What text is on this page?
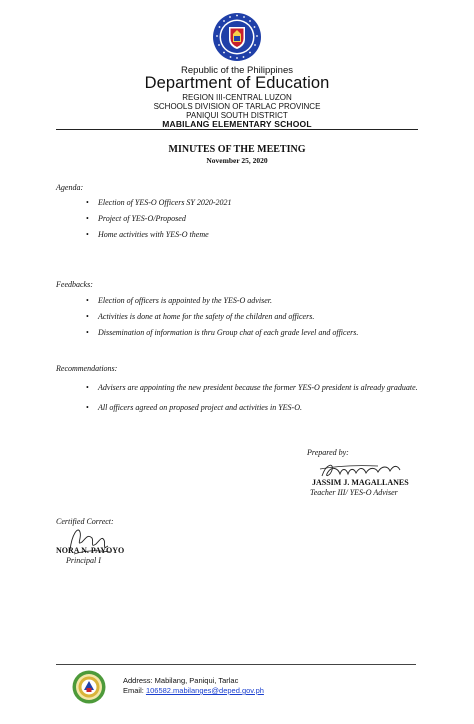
Republic of the Philippines
Department of Education
REGION III-CENTRAL LUZON
SCHOOLS DIVISION OF TARLAC PROVINCE
PANIQUI SOUTH DISTRICT
MABILANG ELEMENTARY SCHOOL
MINUTES OF THE MEETING
November 25, 2020
Agenda:
• Election of YES-O Officers SY 2020-2021
• Project of YES-O/Proposed
• Home activities with YES-O theme
Feedbacks:
• Election of officers is appointed by the YES-O adviser.
• Activities is done at home for the safety of the children and officers.
• Dissemination of information is thru Group chat of each grade level and officers.
Recommendations:
• Advisers are appointing the new president because the former YES-O president is already graduate.
• All officers agreed on proposed project and activities in YES-O.
Prepared by:
JASSIM J. MAGALLANES
Teacher III/ YES-O Adviser
Certified Correct:
NORA N. PAYOYO
Principal I
Address: Mabilang, Paniqui, Tarlac
Email: 106582.mabilanges@deped.gov.ph
